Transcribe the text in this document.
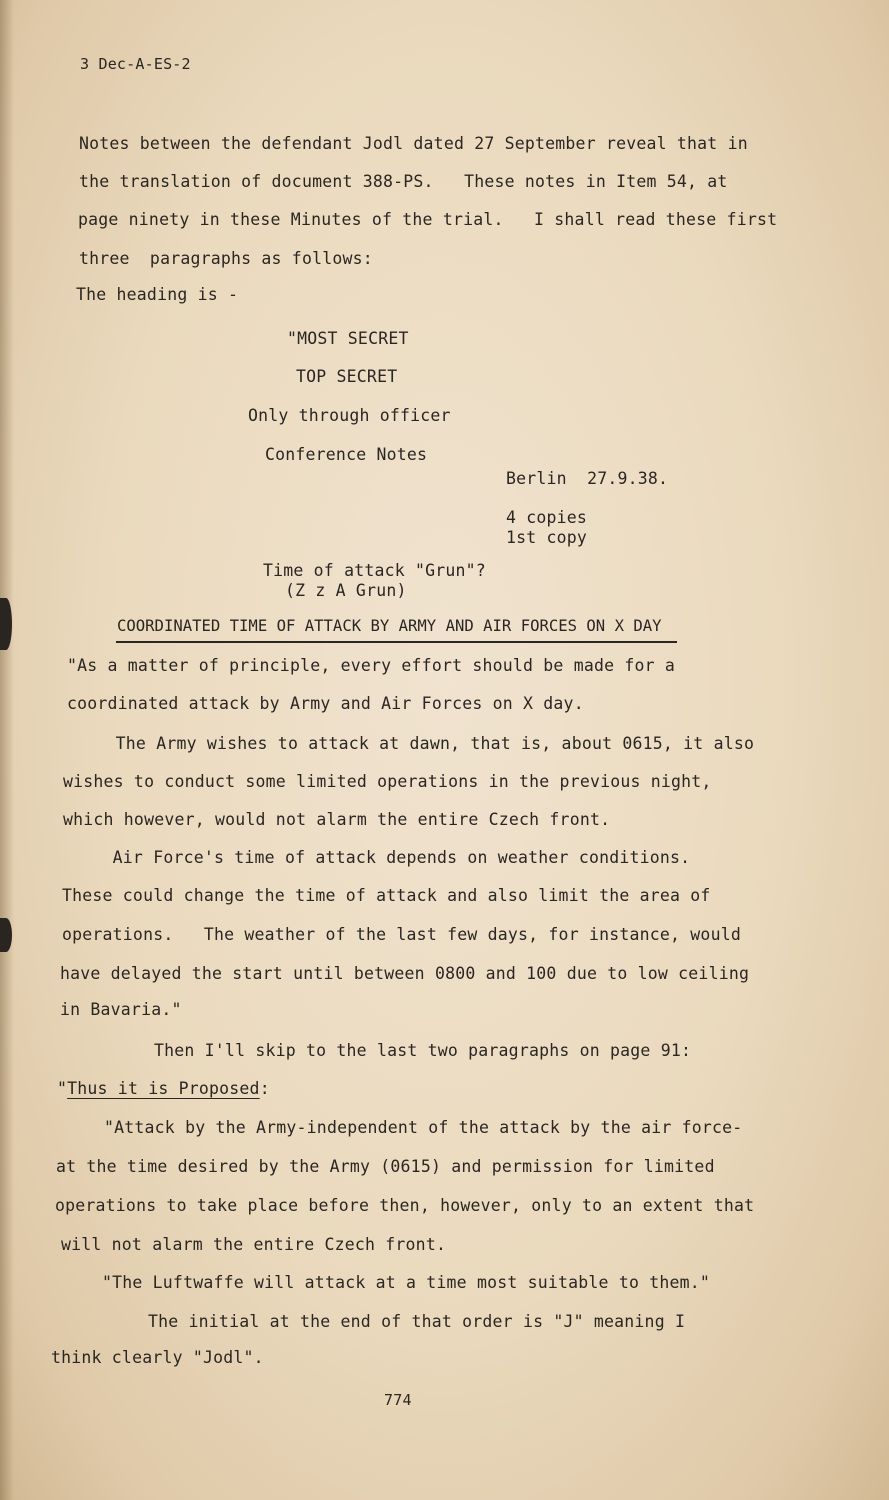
3 Dec-A-ES-2
Notes between the defendant Jodl dated 27 September reveal that in
the translation of document 388-PS.   These notes in Item 54, at
page ninety in these Minutes of the trial.   I shall read these first
three  paragraphs as follows:
The heading is -
"MOST SECRET
TOP SECRET
Only through officer
Conference Notes
Berlin  27.9.38.
4 copies
1st copy
Time of attack "Grun"?
(Z z A Grun)
COORDINATED TIME OF ATTACK BY ARMY AND AIR FORCES ON X DAY
"As a matter of principle, every effort should be made for a
coordinated attack by Army and Air Forces on X day.
The Army wishes to attack at dawn, that is, about 0615, it also
wishes to conduct some limited operations in the previous night,
which however, would not alarm the entire Czech front.
Air Force's time of attack depends on weather conditions.
These could change the time of attack and also limit the area of
operations.   The weather of the last few days, for instance, would
have delayed the start until between 0800 and 100 due to low ceiling
in Bavaria."
Then I'll skip to the last two paragraphs on page 91:
"Thus it is Proposed:
"Attack by the Army-independent of the attack by the air force-
at the time desired by the Army (0615) and permission for limited
operations to take place before then, however, only to an extent that
will not alarm the entire Czech front.
"The Luftwaffe will attack at a time most suitable to them."
The initial at the end of that order is "J" meaning I
think clearly "Jodl".
774
